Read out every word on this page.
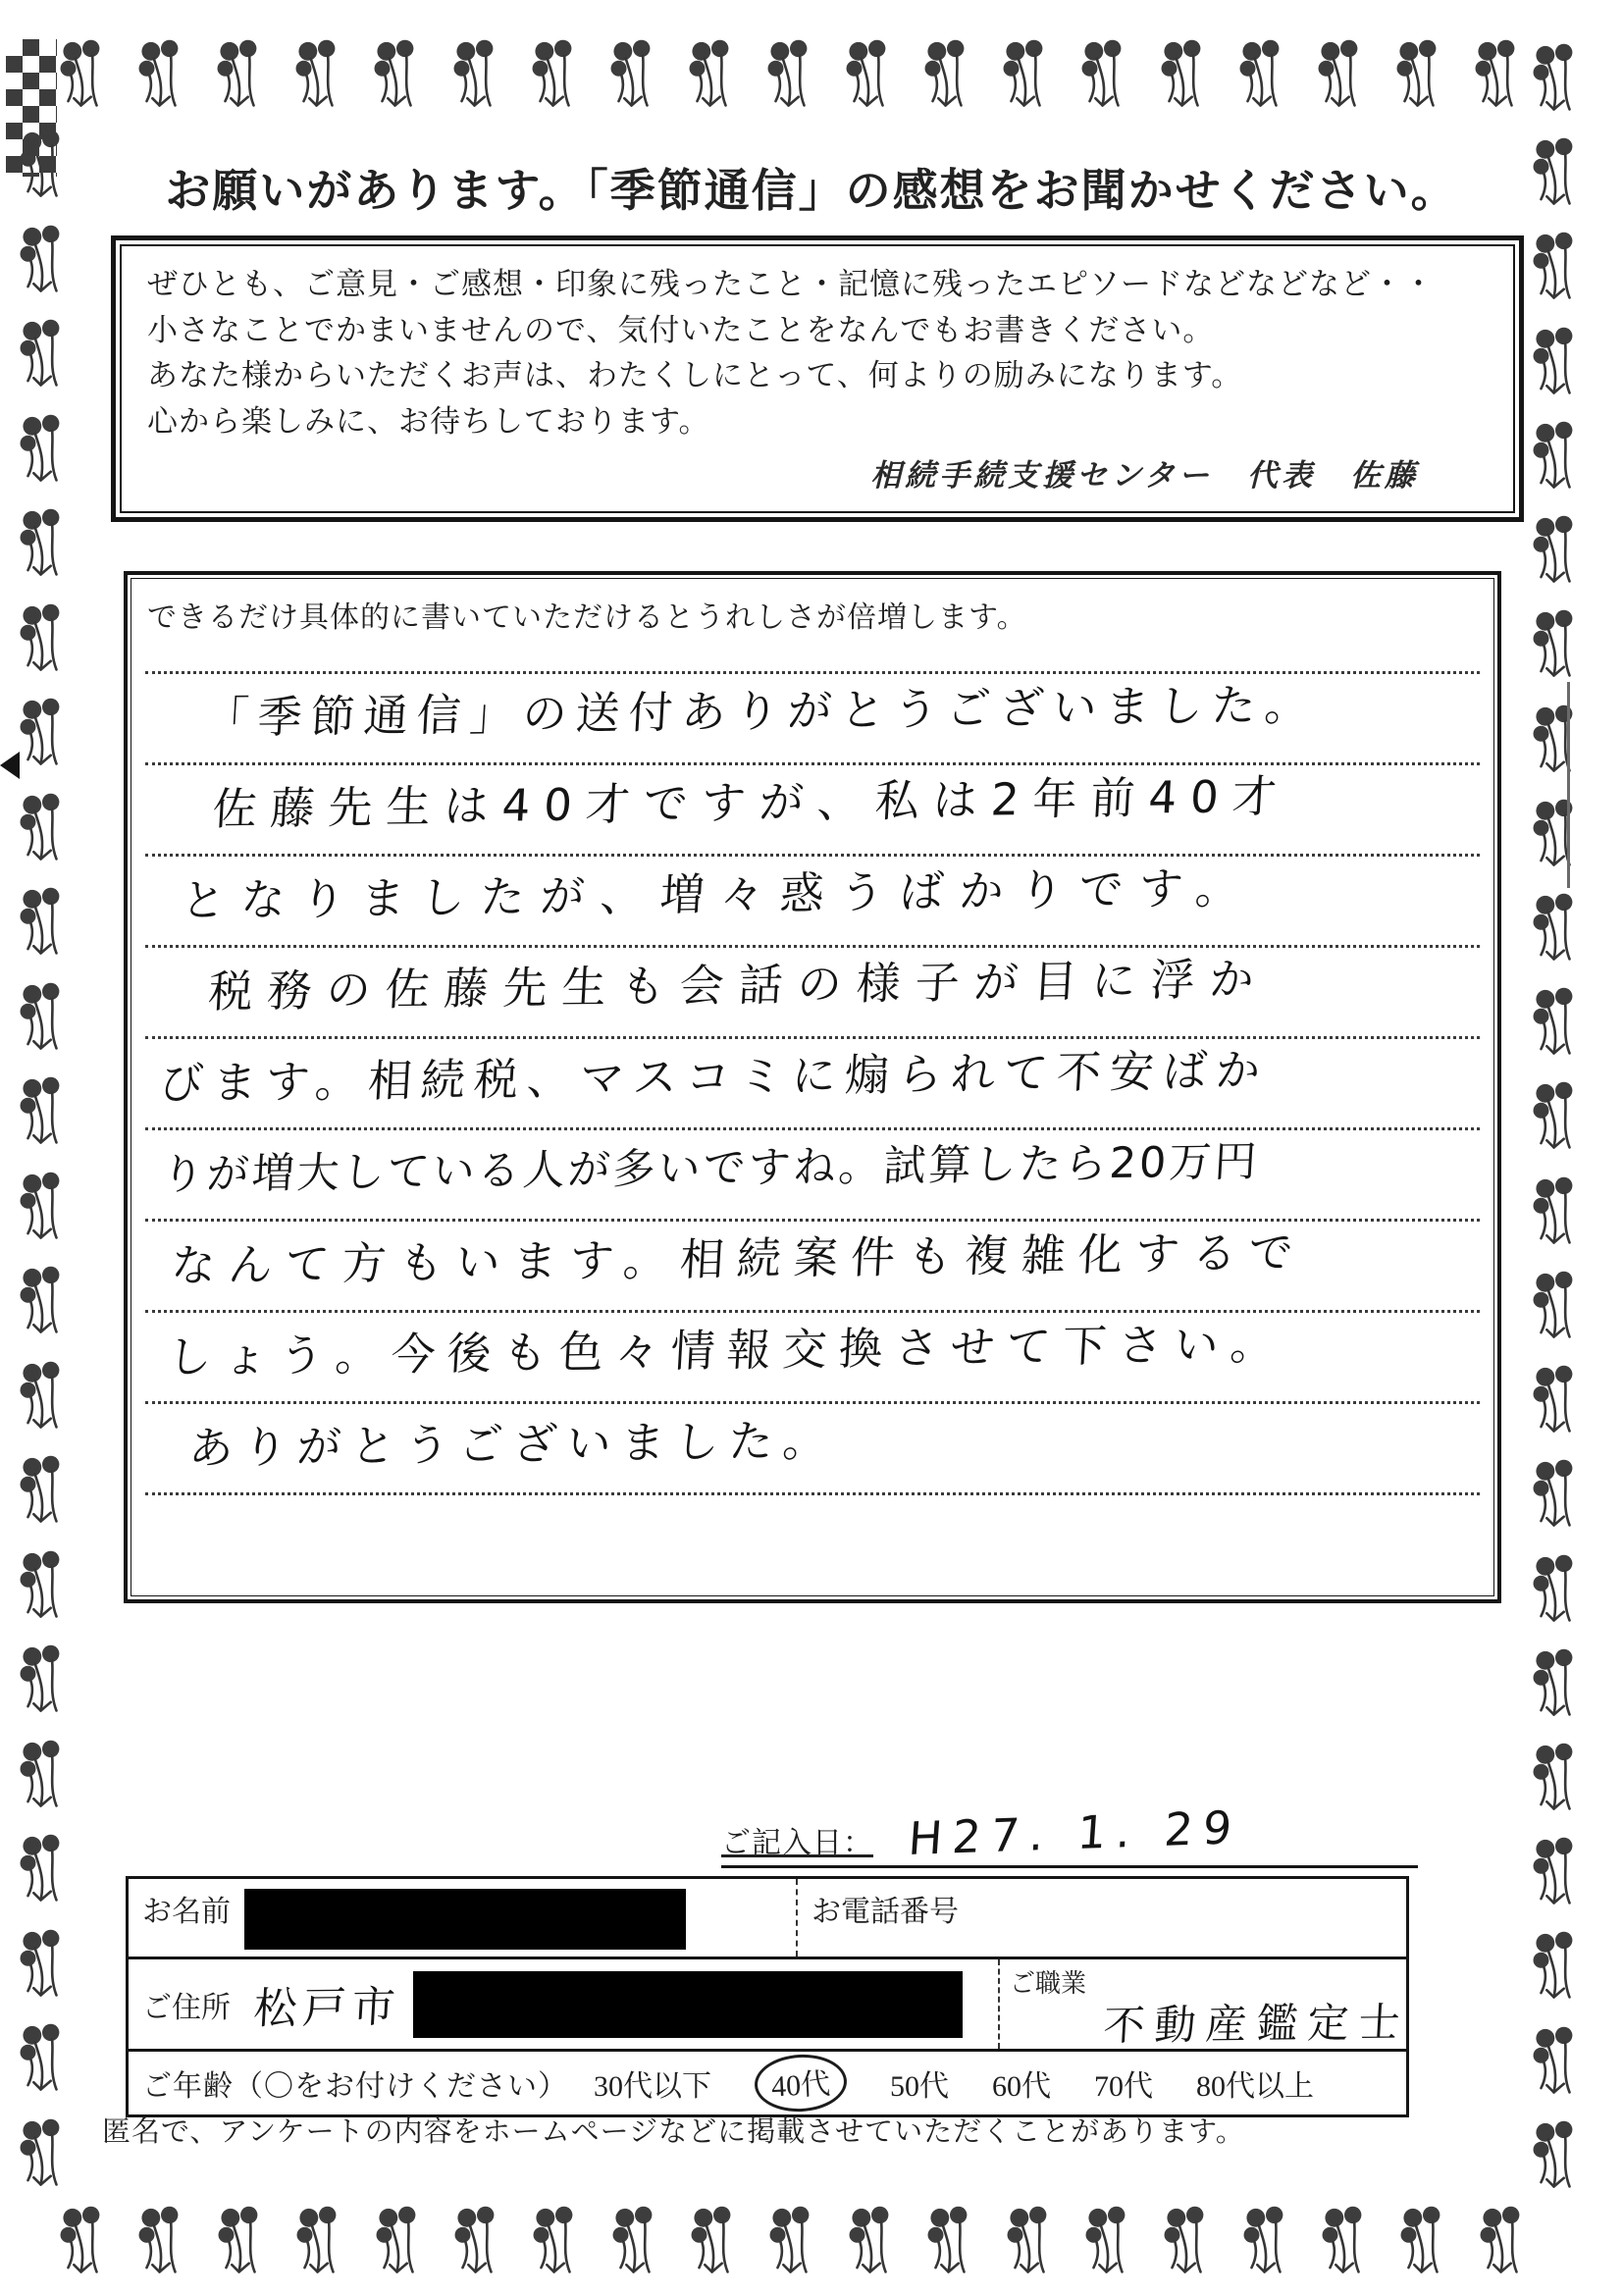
お願いがあります。「季節通信」の感想をお聞かせください。
ぜひとも、ご意見・ご感想・印象に残ったこと・記憶に残ったエピソードなどなどなど・・
小さなことでかまいませんので、気付いたことをなんでもお書きください。
あなた様からいただくお声は、わたくしにとって、何よりの励みになります。
心から楽しみに、お待ちしております。
相続手続支援センター　代表　佐藤
できるだけ具体的に書いていただけるとうれしさが倍増します。
「季節通信」の送付ありがとうございました。
佐藤先生は40才ですが、私は2年前40才
となりましたが、増々惑うばかりです。
税務の佐藤先生も会話の様子が目に浮か
びます。相続税、マスコミに煽られて不安ばか
りが増大している人が多いですね。試算したら20万円
なんて方もいます。相続案件も複雑化するで
しょう。今後も色々情報交換させて下さい。
ありがとうございました。
ご記入日： H27. 1. 29
お名前	お電話番号
ご住所 松戸市	ご職業
不動産鑑定士
ご年齢（〇をお付けください） 30代以下	40代	50代 60代 70代 80代以上
匿名で、アンケートの内容をホームページなどに掲載させていただくことがあります。
